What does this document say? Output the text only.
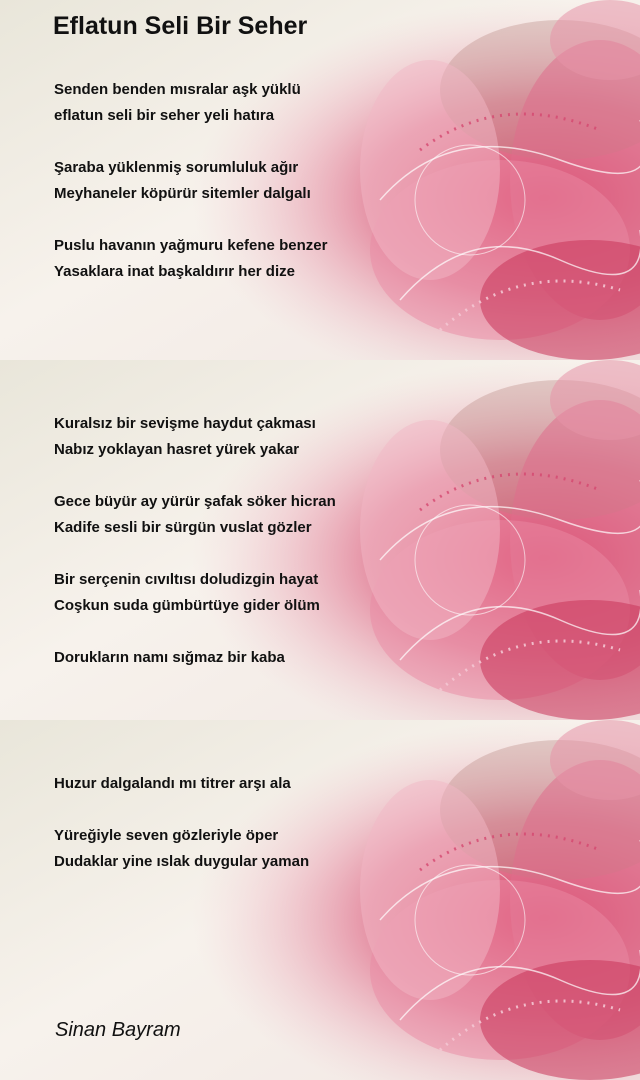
Eflatun Seli Bir Seher
Senden benden mısralar aşk yüklü
eflatun seli bir seher yeli hatıra
Şaraba yüklenmiş sorumluluk ağır
Meyhaneler köpürür sitemler dalgalı
Puslu havanın yağmuru kefene benzer
Yasaklara inat başkaldırır her dize
Kuralsız bir sevişme haydut çakması
Nabız yoklayan hasret yürek yakar
Gece büyür ay yürür şafak söker hicran
Kadife sesli bir sürgün vuslat gözler
Bir serçenin cıvıltısı doludizgin hayat
Coşkun suda gümbürtüye gider ölüm
Dorukların namı sığmaz bir kaba
Huzur dalgalandı mı titrer arşı ala
Yüreğiyle seven gözleriyle öper
Dudaklar yine ıslak duygular yaman
Sinan Bayram
